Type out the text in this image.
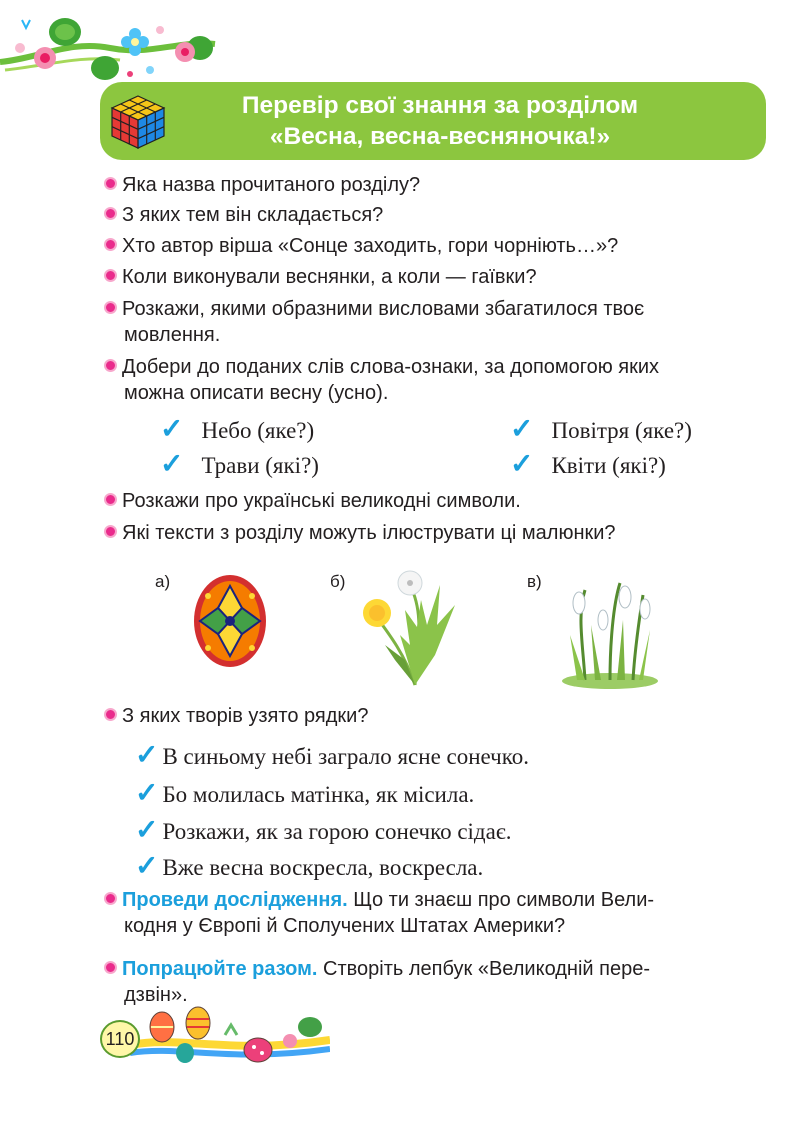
Перевір свої знання за розділом
«Весна, весна-весняночка!»
Яка назва прочитаного розділу?
З яких тем він складається?
Хто автор вірша «Сонце заходить, гори чорніють…»?
Коли виконували веснянки, а коли — гаївки?
Розкажи, якими образними висловами збагатилося твоє
мовлення.
Добери до поданих слів слова-ознаки, за допомогою яких
можна описати весну (усно).
✓ Небо (яке?)	✓ Повітря (яке?)
✓ Трави (які?)	✓ Квіти (які?)
Розкажи про українські великодні символи.
Які тексти з розділу можуть ілюструвати ці малюнки?
а)	б)	в)
З яких творів узято рядки?
✓ В синьому небі заграло ясне сонечко.
✓ Бо молилась матінка, як місила.
✓ Розкажи, як за горою сонечко сідає.
✓ Вже весна воскресла, воскресла.
Проведи дослідження. Що ти знаєш про символи Вели-
кодня у Європі й Сполучених Штатах Америки?
Попрацюйте разом. Створіть лепбук «Великодній пере-
дзвін».
110
